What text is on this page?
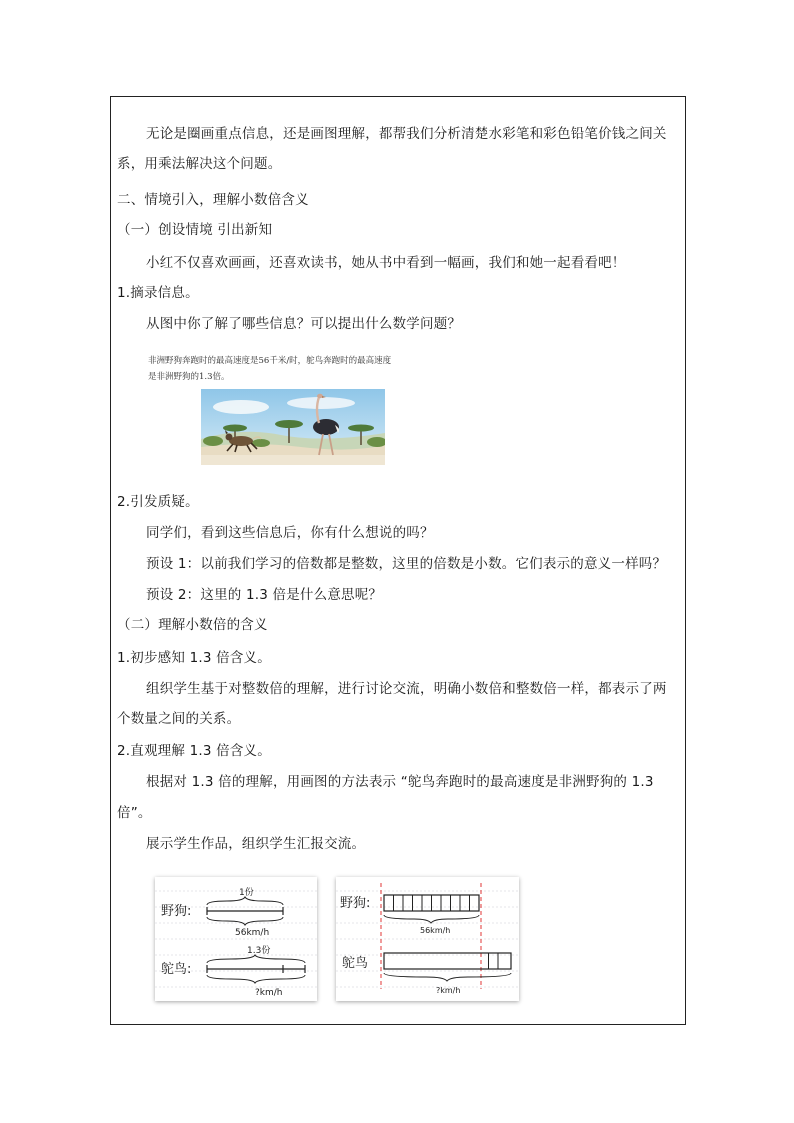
无论是圈画重点信息，还是画图理解，都帮我们分析清楚水彩笔和彩色铅笔价钱之间关
系，用乘法解决这个问题。
二、情境引入，理解小数倍含义
（一）创设情境 引出新知
小红不仅喜欢画画，还喜欢读书，她从书中看到一幅画，我们和她一起看看吧！
1.摘录信息。
从图中你了解了哪些信息？可以提出什么数学问题？
非洲野狗奔跑时的最高速度是56千米/时，鸵鸟奔跑时的最高速度
是非洲野狗的1.3倍。
2.引发质疑。
同学们，看到这些信息后，你有什么想说的吗？
预设 1：以前我们学习的倍数都是整数，这里的倍数是小数。它们表示的意义一样吗？
预设 2：这里的 1.3 倍是什么意思呢？
（二）理解小数倍的含义
1.初步感知 1.3 倍含义。
组织学生基于对整数倍的理解，进行讨论交流，明确小数倍和整数倍一样，都表示了两
个数量之间的关系。
2.直观理解 1.3 倍含义。
根据对 1.3 倍的理解，用画图的方法表示 “鸵鸟奔跑时的最高速度是非洲野狗的 1.3
倍”。
展示学生作品，组织学生汇报交流。
野狗:
1份
56km/h
鸵鸟:
1.3份
?km/h
野狗:
56km/h
鸵鸟
?km/h
